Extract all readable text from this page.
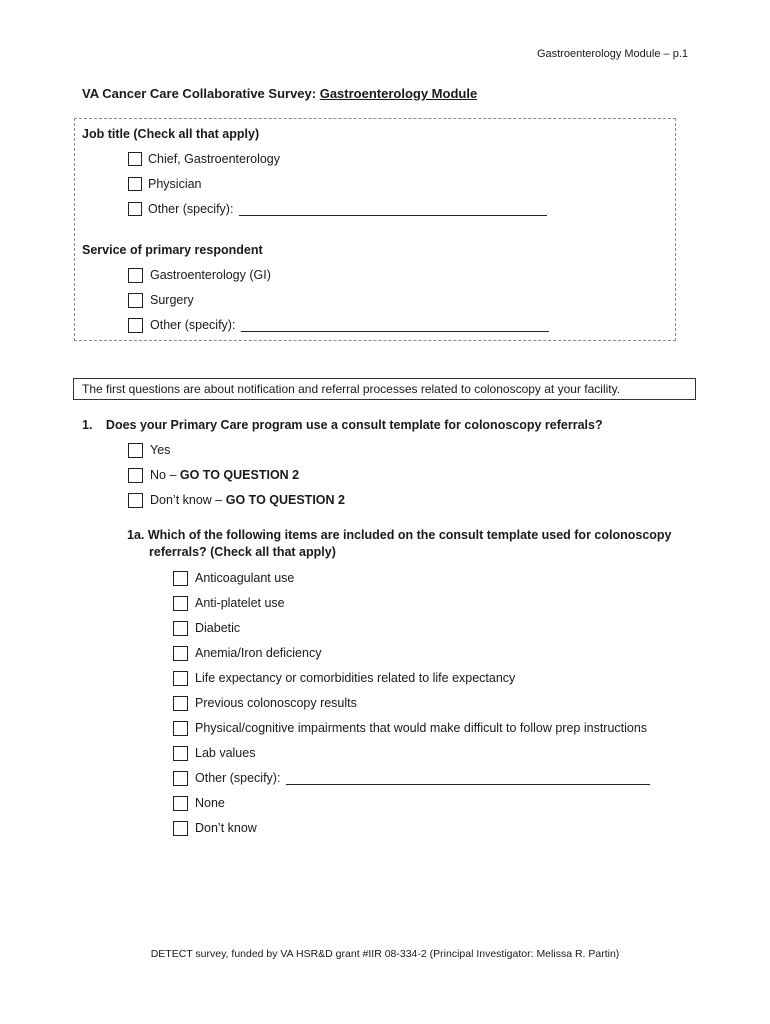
Gastroenterology Module – p.1
VA Cancer Care Collaborative Survey: Gastroenterology Module
Job title (Check all that apply)
Chief, Gastroenterology
Physician
Other (specify):
Service of primary respondent
Gastroenterology (GI)
Surgery
Other (specify):
The first questions are about notification and referral processes related to colonoscopy at your facility.
1. Does your Primary Care program use a consult template for colonoscopy referrals?
Yes
No – GO TO QUESTION 2
Don’t know – GO TO QUESTION 2
1a. Which of the following items are included on the consult template used for colonoscopy
referrals? (Check all that apply)
Anticoagulant use
Anti-platelet use
Diabetic
Anemia/Iron deficiency
Life expectancy or comorbidities related to life expectancy
Previous colonoscopy results
Physical/cognitive impairments that would make difficult to follow prep instructions
Lab values
Other (specify):
None
Don’t know
DETECT survey, funded by VA HSR&D grant #IIR 08-334-2 (Principal Investigator: Melissa R. Partin)
